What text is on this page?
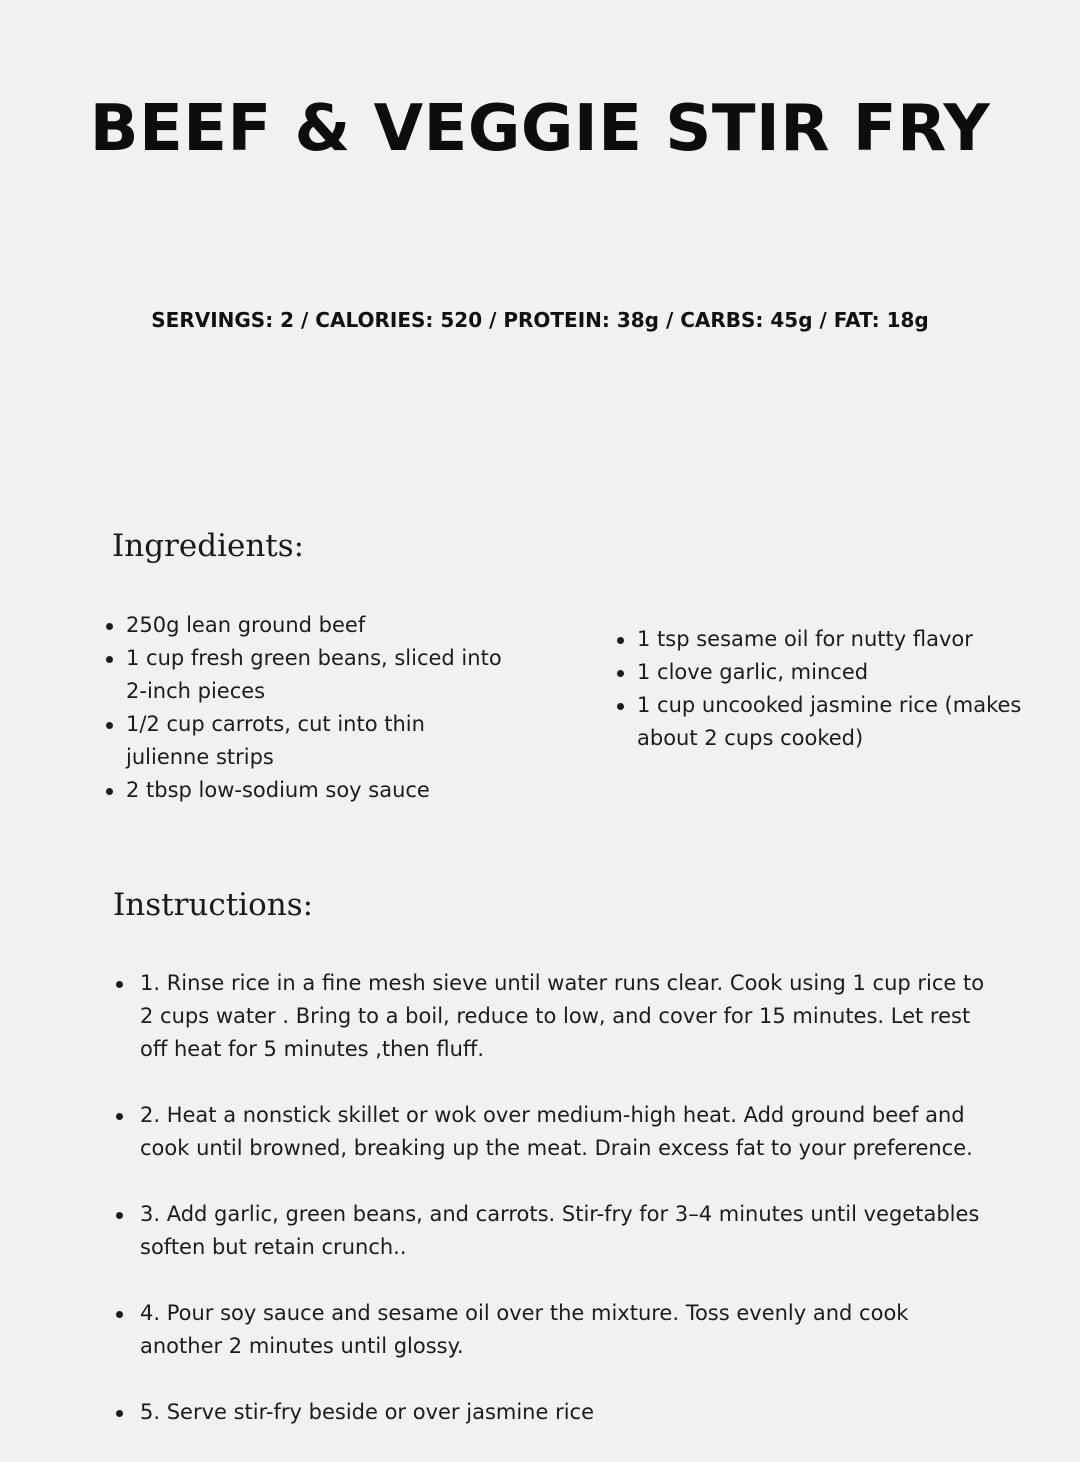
BEEF & VEGGIE STIR FRY

SERVINGS: 2 / CALORIES: 520 / PROTEIN: 38g / CARBS: 45g / FAT: 18g

Ingredients:
250g lean ground beef
1 cup fresh green beans, sliced into 2-inch pieces
1/2 cup carrots, cut into thin julienne strips
2 tbsp low-sodium soy sauce
1 tsp sesame oil for nutty flavor
1 clove garlic, minced
1 cup uncooked jasmine rice (makes about 2 cups cooked)
Instructions:
1. Rinse rice in a fine mesh sieve until water runs clear. Cook using 1 cup rice to 2 cups water . Bring to a boil, reduce to low, and cover for 15 minutes. Let rest off heat for 5 minutes ,then fluff.
2. Heat a nonstick skillet or wok over medium-high heat. Add ground beef and cook until browned, breaking up the meat. Drain excess fat to your preference.
3. Add garlic, green beans, and carrots. Stir-fry for 3–4 minutes until vegetables soften but retain crunch..
4. Pour soy sauce and sesame oil over the mixture. Toss evenly and cook another 2 minutes until glossy.
5. Serve stir-fry beside or over jasmine rice
